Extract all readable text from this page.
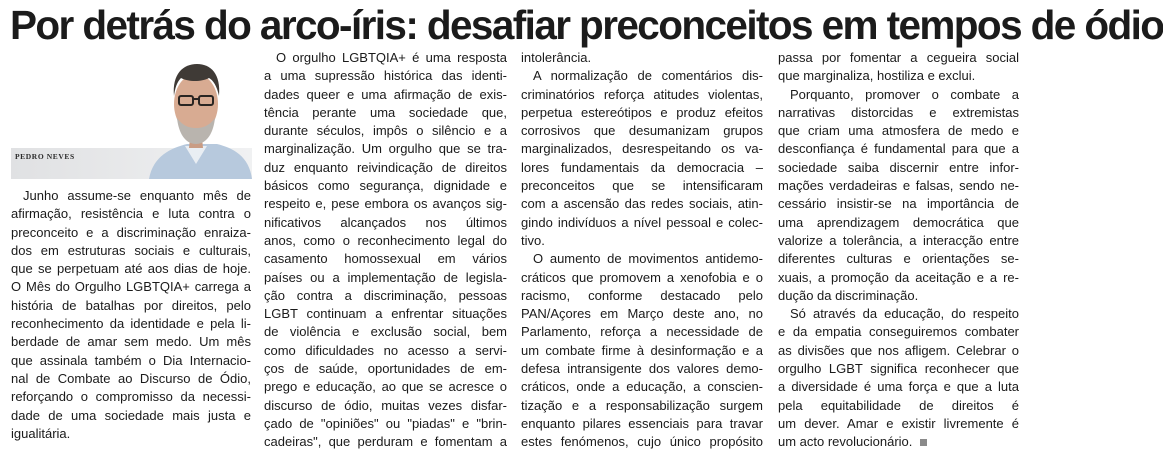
Por detrás do arco-íris: desafiar preconceitos em tempos de ódio
PEDRO NEVES

Junho assume-se enquanto mês de
afirmação, resistência e luta contra o
preconceito e a discriminação enraiza-
dos em estruturas sociais e culturais,
que se perpetuam até aos dias de hoje.
O Mês do Orgulho LGBTQIA+ carrega a
história de batalhas por direitos, pelo
reconhecimento da identidade e pela li-
berdade de amar sem medo. Um mês
que assinala também o Dia Internacio-
nal de Combate ao Discurso de Ódio,
reforçando o compromisso da necessi-
dade de uma sociedade mais justa e
igualitária.

O orgulho LGBTQIA+ é uma resposta
a uma supressão histórica das identi-
dades queer e uma afirmação de exis-
tência perante uma sociedade que,
durante séculos, impôs o silêncio e a
marginalização. Um orgulho que se tra-
duz enquanto reivindicação de direitos
básicos como segurança, dignidade e
respeito e, pese embora os avanços sig-
nificativos alcançados nos últimos
anos, como o reconhecimento legal do
casamento homossexual em vários
países ou a implementação de legisla-
ção contra a discriminação, pessoas
LGBT continuam a enfrentar situações
de violência e exclusão social, bem
como dificuldades no acesso a servi-
ços de saúde, oportunidades de em-
prego e educação, ao que se acresce o
discurso de ódio, muitas vezes disfar-
çado de "opiniões" ou "piadas" e "brin-
cadeiras", que perduram e fomentam a

intolerância.

A normalização de comentários dis-
criminatórios reforça atitudes violentas,
perpetua estereótipos e produz efeitos
corrosivos que desumanizam grupos
marginalizados, desrespeitando os va-
lores fundamentais da democracia –
preconceitos que se intensificaram
com a ascensão das redes sociais, atin-
gindo indivíduos a nível pessoal e colec-
tivo.

O aumento de movimentos antidemo-
cráticos que promovem a xenofobia e o
racismo, conforme destacado pelo
PAN/Açores em Março deste ano, no
Parlamento, reforça a necessidade de
um combate firme à desinformação e a
defesa intransigente dos valores demo-
cráticos, onde a educação, a conscien-
tização e a responsabilização surgem
enquanto pilares essenciais para travar
estes fenómenos, cujo único propósito

passa por fomentar a cegueira social
que marginaliza, hostiliza e exclui.

Porquanto, promover o combate a
narrativas distorcidas e extremistas
que criam uma atmosfera de medo e
desconfiança é fundamental para que a
sociedade saiba discernir entre infor-
mações verdadeiras e falsas, sendo ne-
cessário insistir-se na importância de
uma aprendizagem democrática que
valorize a tolerância, a interacção entre
diferentes culturas e orientações se-
xuais, a promoção da aceitação e a re-
dução da discriminação.

Só através da educação, do respeito
e da empatia conseguiremos combater
as divisões que nos afligem. Celebrar o
orgulho LGBT significa reconhecer que
a diversidade é uma força e que a luta
pela equitabilidade de direitos é
um dever. Amar e existir livremente é
um acto revolucionário.
